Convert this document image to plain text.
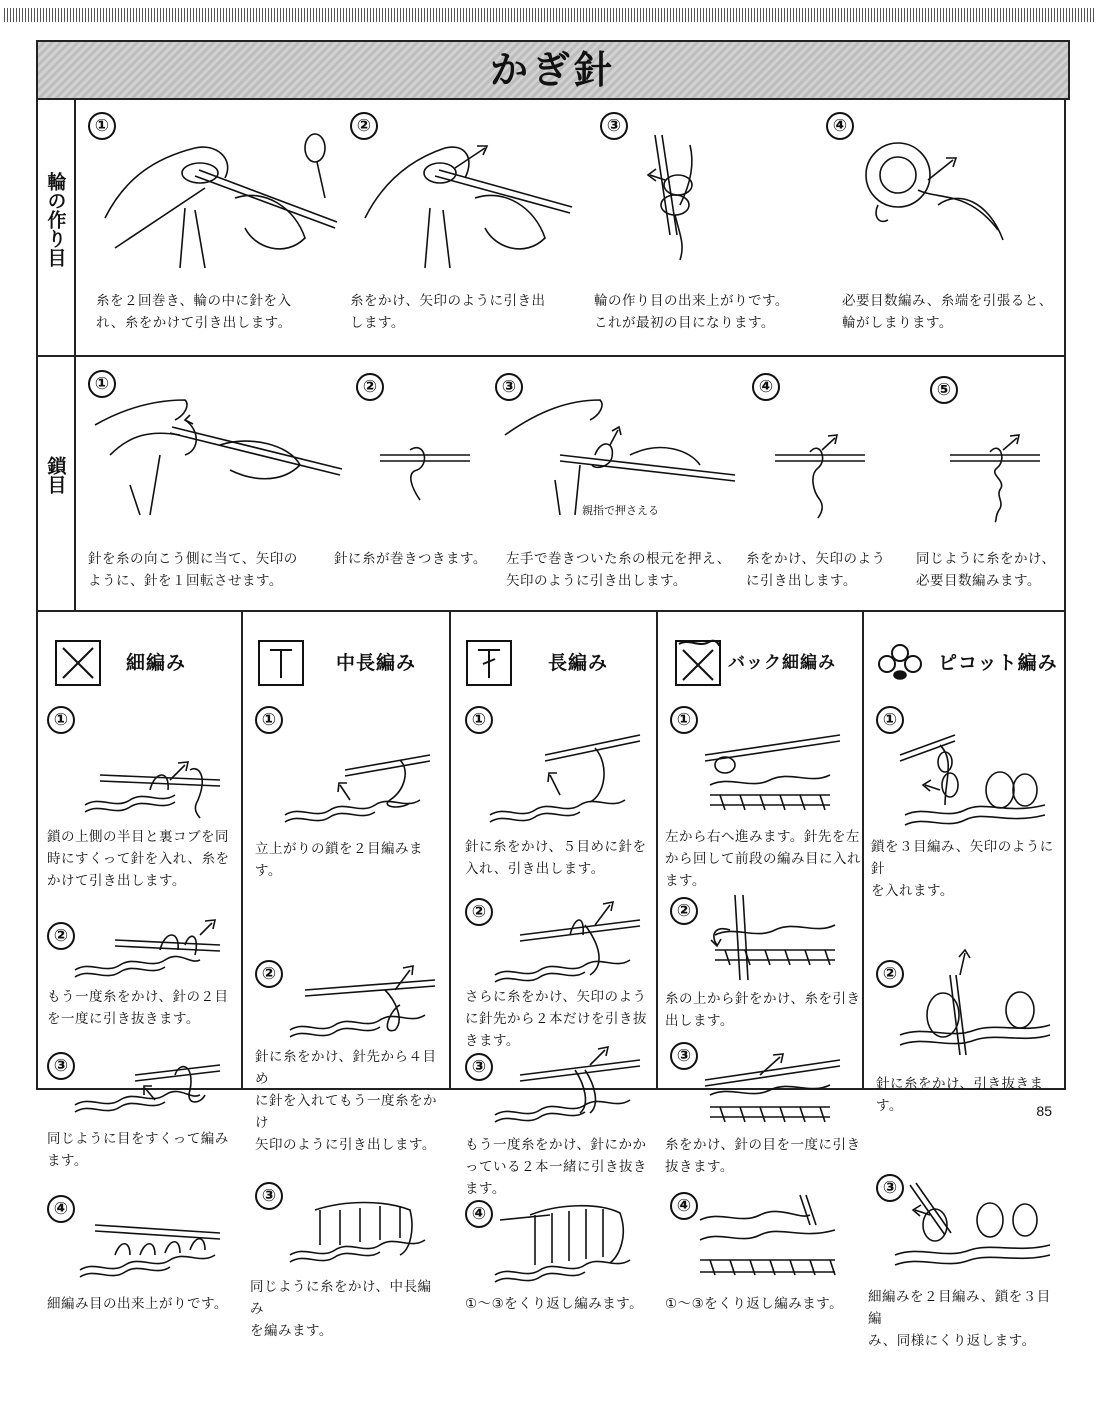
かぎ針
輪の作り目
①	②	③	④
糸を２回巻き、輪の中に針を入
れ、糸をかけて引き出します。
糸をかけ、矢印のように引き出
します。
輪の作り目の出来上がりです。
これが最初の目になります。
必要目数編み、糸端を引張ると、
輪がしまります。
鎖目
①	②	③	④	⑤
親指で押さえる
針を糸の向こう側に当て、矢印の
ように、針を１回転させます。
針に糸が巻きつきます。	左手で巻きついた糸の根元を押え、
矢印のように引き出します。
糸をかけ、矢印のよう
に引き出します。
同じように糸をかけ、
必要目数編みます。
細編み	中長編み	長編み	バック細編み	ピコット編み
①
鎖の上側の半目と裏コブを同
時にすくって針を入れ、糸を
かけて引き出します。
②
もう一度糸をかけ、針の２目
を一度に引き抜きます。
③
同じように目をすくって編み
ます。
④
細編み目の出来上がりです。
①
立上がりの鎖を２目編みます。
②
針に糸をかけ、針先から４目め
に針を入れてもう一度糸をかけ
矢印のように引き出します。
③
同じように糸をかけ、中長編み
を編みます。
①
針に糸をかけ、５目めに針を
入れ、引き出します。
②
さらに糸をかけ、矢印のよう
に針先から２本だけを引き抜
きます。
③
もう一度糸をかけ、針にかか
っている２本一緒に引き抜き
ます。
④
①～③をくり返し編みます。
①
左から右へ進みます。針先を左
から回して前段の編み目に入れ
ます。
②
糸の上から針をかけ、糸を引き
出します。
③
糸をかけ、針の目を一度に引き
抜きます。
④
①～③をくり返し編みます。
①
鎖を３目編み、矢印のように針
を入れます。
②
針に糸をかけ、引き抜きます。
③
細編みを２目編み、鎖を３目編
み、同様にくり返します。
85
